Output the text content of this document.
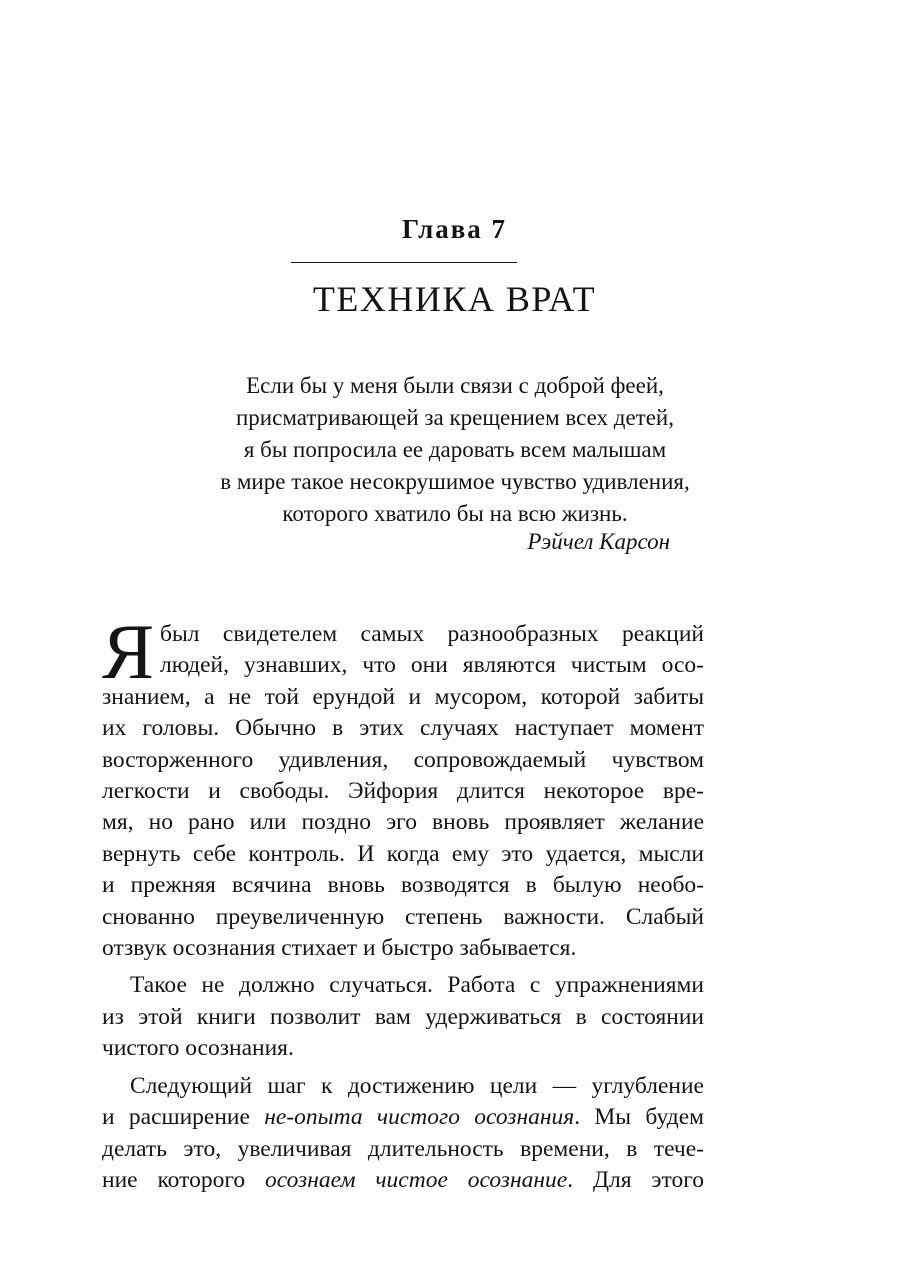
Глава 7
ТЕХНИКА ВРАТ
Если бы у меня были связи с доброй феей,
присматривающей за крещением всех детей,
я бы попросила ее даровать всем малышам
в мире такое несокрушимое чувство удивления,
которого хватило бы на всю жизнь.
Рэйчел Карсон
Я был свидетелем самых разнообразных реакций
людей, узнавших, что они являются чистым осо-
знанием, а не той ерундой и мусором, которой забиты
их головы. Обычно в этих случаях наступает момент
восторженного удивления, сопровождаемый чувством
легкости и свободы. Эйфория длится некоторое вре-
мя, но рано или поздно эго вновь проявляет желание
вернуть себе контроль. И когда ему это удается, мысли
и прежняя всячина вновь возводятся в былую необо-
снованно преувеличенную степень важности. Слабый
отзвук осознания стихает и быстро забывается.
Такое не должно случаться. Работа с упражнениями
из этой книги позволит вам удерживаться в состоянии
чистого осознания.
Следующий шаг к достижению цели — углубление
и расширение не-опыта чистого осознания. Мы будем
делать это, увеличивая длительность времени, в тече-
ние которого осознаем чистое осознание. Для этого
